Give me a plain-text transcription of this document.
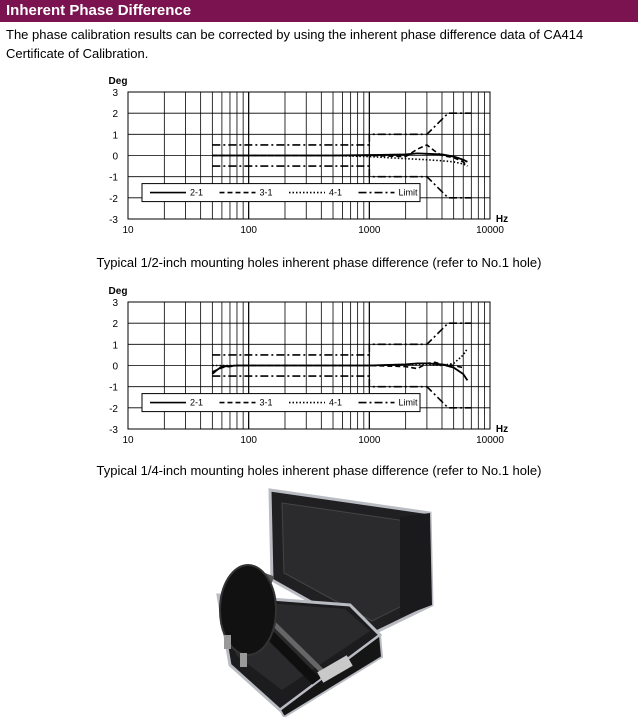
Inherent Phase Difference
The phase calibration results can be corrected by using the inherent phase difference data of CA414 Certificate of Calibration.
3
2
1
0
-1
-2
-3
10	100	1000	10000
Deg
Hz
2-1	3-1	4-1	Limit
Typical 1/2-inch mounting holes inherent phase difference (refer to No.1 hole)
3
2
1
0
-1
-2
-3
10	100	1000	10000
Deg
Hz
2-1	3-1	4-1	Limit
Typical 1/4-inch mounting holes inherent phase difference (refer to No.1 hole)
